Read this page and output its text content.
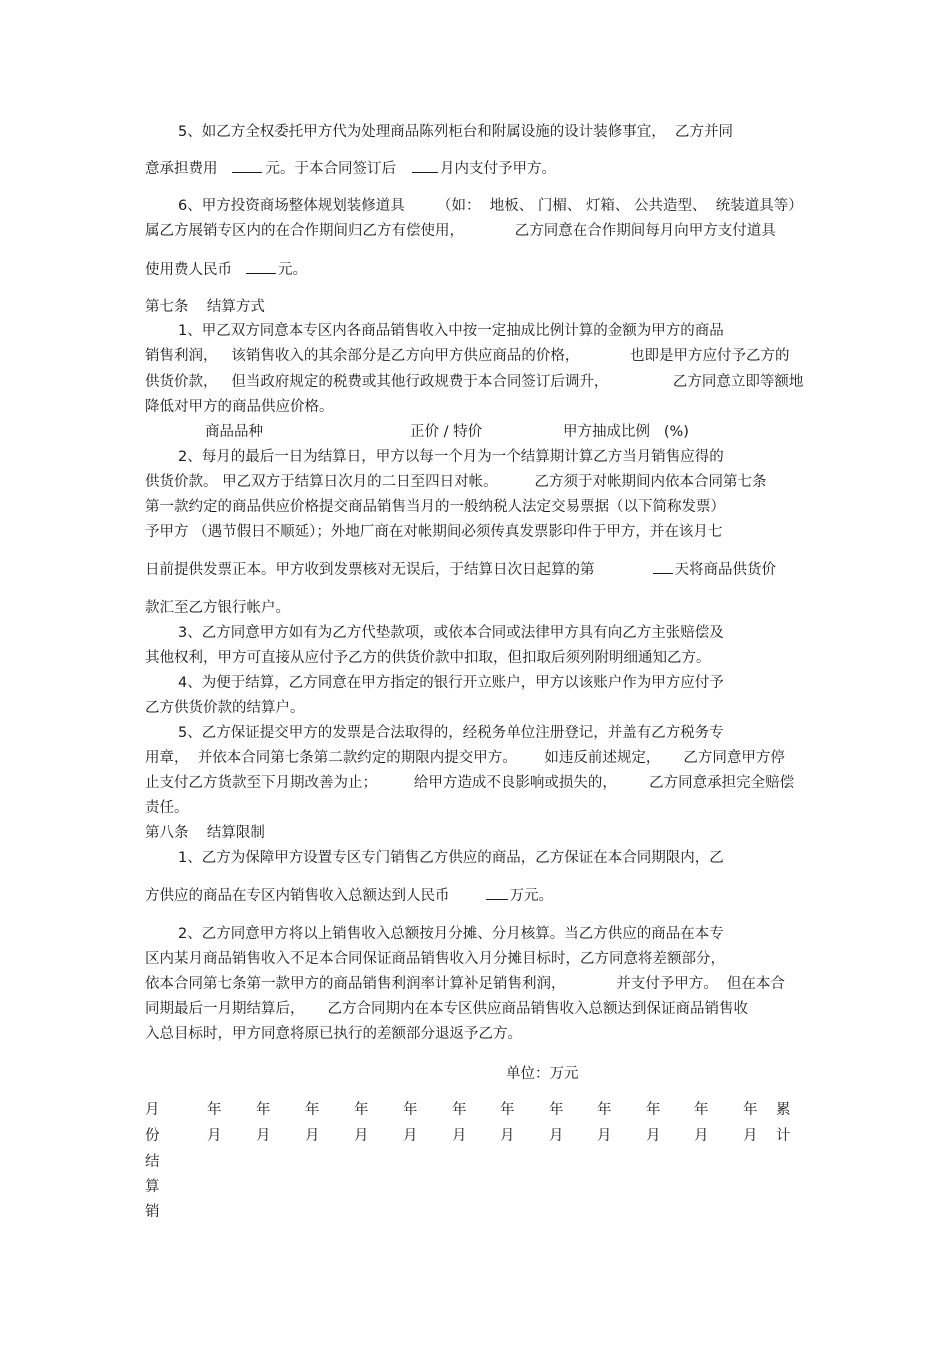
5、如乙方全权委托甲方代为处理商品陈列柜台和附属设施的设计装修事宜，  乙方并同
意承担费用	元。于本合同签订后	月内支付予甲方。
6、甲方投资商场整体规划装修道具       （如：  地板、 门楣、 灯箱、 公共造型、  统装道具等）
属乙方展销专区内的在合作期间归乙方有偿使用，           乙方同意在合作期间每月向甲方支付道具
使用费人民币	元。
第七条    结算方式
1、甲乙双方同意本专区内各商品销售收入中按一定抽成比例计算的金额为甲方的商品
销售利润，   该销售收入的其余部分是乙方向甲方供应商品的价格，           也即是甲方应付予乙方的
供货价款，   但当政府规定的税费或其他行政规费于本合同签订后调升，              乙方同意立即等额地
降低对甲方的商品供应价格。
商品品种	正价 / 特价	甲方抽成比例   (%)
2、每月的最后一日为结算日，甲方以每一个月为一个结算期计算乙方当月销售应得的
供货价款。 甲乙双方于结算日次月的二日至四日对帐。        乙方须于对帐期间内依本合同第七条
第一款约定的商品供应价格提交商品销售当月的一般纳税人法定交易票据（以下简称发票）
予甲方 （遇节假日不顺延）；外地厂商在对帐期间必须传真发票影印件于甲方，并在该月七
日前提供发票正本。甲方收到发票核对无误后，于结算日次日起算的第	天将商品供货价
款汇至乙方银行帐户。
3、乙方同意甲方如有为乙方代垫款项，或依本合同或法律甲方具有向乙方主张赔偿及
其他权利，甲方可直接从应付予乙方的供货价款中扣取，但扣取后须列附明细通知乙方。
4、为便于结算，乙方同意在甲方指定的银行开立账户，甲方以该账户作为甲方应付予
乙方供货价款的结算户。
5、乙方保证提交甲方的发票是合法取得的，经税务单位注册登记，并盖有乙方税务专
用章，  并依本合同第七条第二款约定的期限内提交甲方。      如违反前述规定，     乙方同意甲方停
止支付乙方货款至下月期改善为止；        给甲方造成不良影响或损失的，       乙方同意承担完全赔偿
责任。
第八条    结算限制
1、乙方为保障甲方设置专区专门销售乙方供应的商品，乙方保证在本合同期限内，乙
方供应的商品在专区内销售收入总额达到人民币	万元。
2、乙方同意甲方将以上销售收入总额按月分摊、分月核算。当乙方供应的商品在本专
区内某月商品销售收入不足本合同保证商品销售收入月分摊目标时，乙方同意将差额部分，
依本合同第七条第一款甲方的商品销售利润率计算补足销售利润，           并支付予甲方。  但在本合
同期最后一月期结算后，     乙方合同期内在本专区供应商品销售收入总额达到保证商品销售收
入总目标时，甲方同意将原已执行的差额部分退返予乙方。
单位：万元
月	年 年 年 年 年 年 年 年 年 年 年 年 累
份	月 月 月 月 月 月 月 月 月 月 月 月 计
结
算
销
